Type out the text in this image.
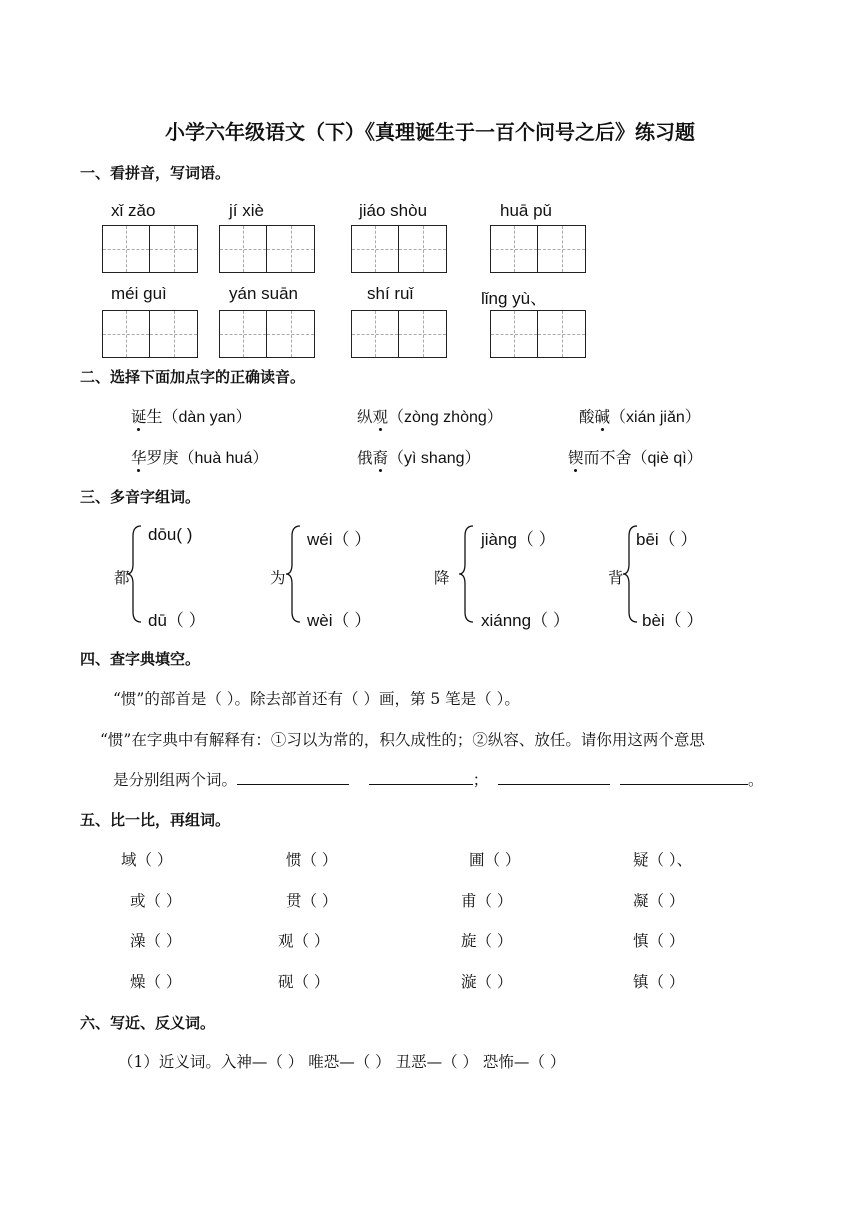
小学六年级语文（下）《真理诞生于一百个问号之后》练习题
一、看拼音，写词语。
xǐ zǎo	jí xiè	jiáo shòu	huā pǔ
méi guì	yán suān	shí ruǐ	lǐng yù、
二、选择下面加点字的正确读音。
诞生（dàn yan）	纵观（zòng zhòng）	酸碱（xián jiǎn）
华罗庚（huà huá）	俄裔（yì shang）	锲而不舍（qiè qì）
三、多音字组词。
都	为	降	背
dōu( )	wéi（ ）	jiàng（ ）	bēi（ ）
dū（ ）	wèi（ ）	xiánng（ ）	bèi（ ）
四、查字典填空。
“惯”的部首是（ ）。除去部首还有（ ）画，第 5 笔是（ ）。
“惯”在字典中有解释有：①习以为常的，积久成性的；②纵容、放任。请你用这两个意思
是分别组两个词。	；	。
五、比一比，再组词。
域（ ）	惯（ ）	圃（ ）	疑（ ）、
或（ ）	贯（ ）	甫（ ）	凝（ ）
澡（ ）	观（ ）	旋（ ）	慎（ ）
燥（ ）	砚（ ）	漩（ ）	镇（ ）
六、写近、反义词。
（1）近义词。入神—（ ） 唯恐—（ ） 丑恶—（ ） 恐怖—（ ）
